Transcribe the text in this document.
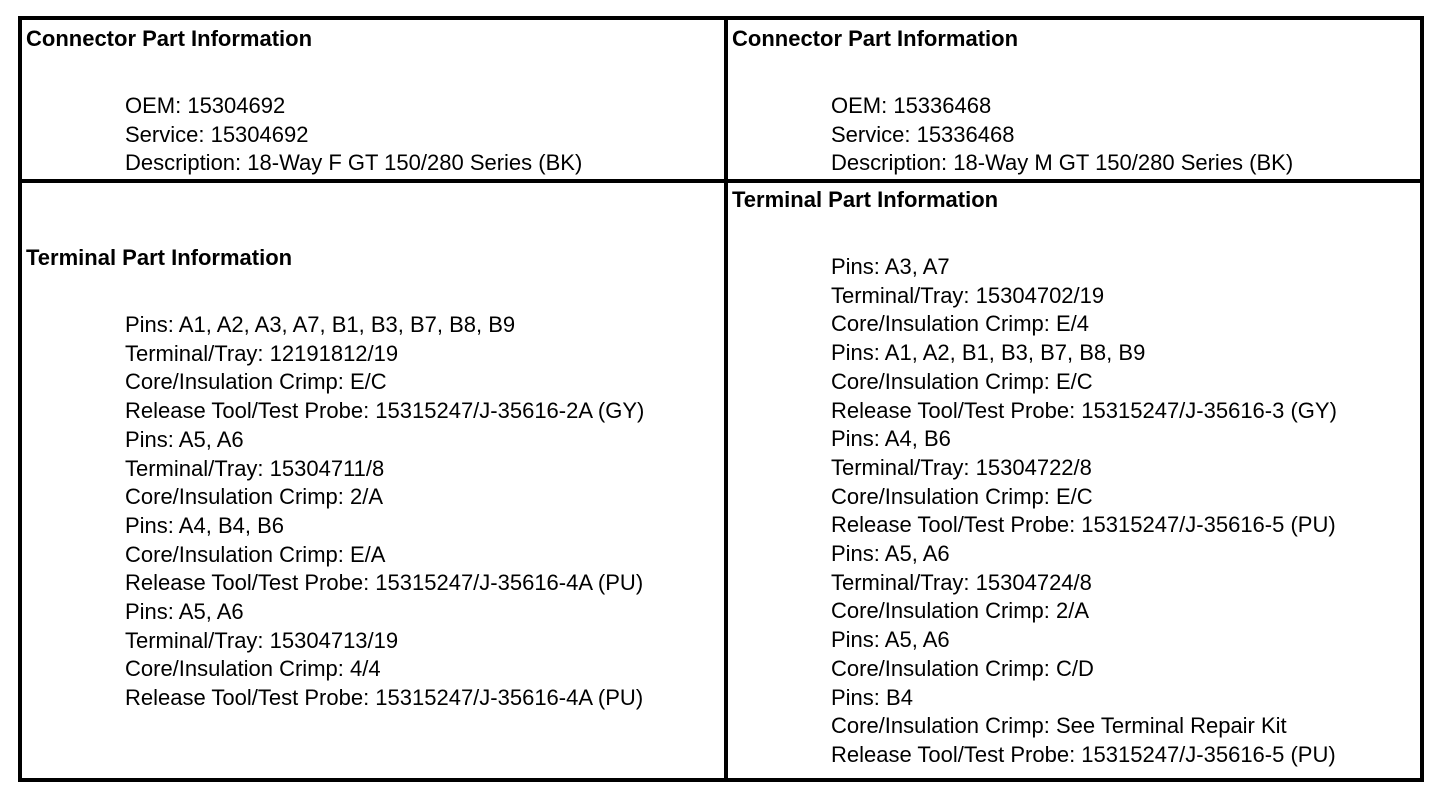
Connector Part Information
OEM: 15304692
Service: 15304692
Description: 18-Way F GT 150/280 Series (BK)
Connector Part Information
OEM: 15336468
Service: 15336468
Description: 18-Way M GT 150/280 Series (BK)
Terminal Part Information
Pins: A1, A2, A3, A7, B1, B3, B7, B8, B9
Terminal/Tray: 12191812/19
Core/Insulation Crimp: E/C
Release Tool/Test Probe: 15315247/J-35616-2A (GY)
Pins: A5, A6
Terminal/Tray: 15304711/8
Core/Insulation Crimp: 2/A
Pins: A4, B4, B6
Core/Insulation Crimp: E/A
Release Tool/Test Probe: 15315247/J-35616-4A (PU)
Pins: A5, A6
Terminal/Tray: 15304713/19
Core/Insulation Crimp: 4/4
Release Tool/Test Probe: 15315247/J-35616-4A (PU)
Terminal Part Information
Pins: A3, A7
Terminal/Tray: 15304702/19
Core/Insulation Crimp: E/4
Pins: A1, A2, B1, B3, B7, B8, B9
Core/Insulation Crimp: E/C
Release Tool/Test Probe: 15315247/J-35616-3 (GY)
Pins: A4, B6
Terminal/Tray: 15304722/8
Core/Insulation Crimp: E/C
Release Tool/Test Probe: 15315247/J-35616-5 (PU)
Pins: A5, A6
Terminal/Tray: 15304724/8
Core/Insulation Crimp: 2/A
Pins: A5, A6
Core/Insulation Crimp: C/D
Pins: B4
Core/Insulation Crimp: See Terminal Repair Kit
Release Tool/Test Probe: 15315247/J-35616-5 (PU)
